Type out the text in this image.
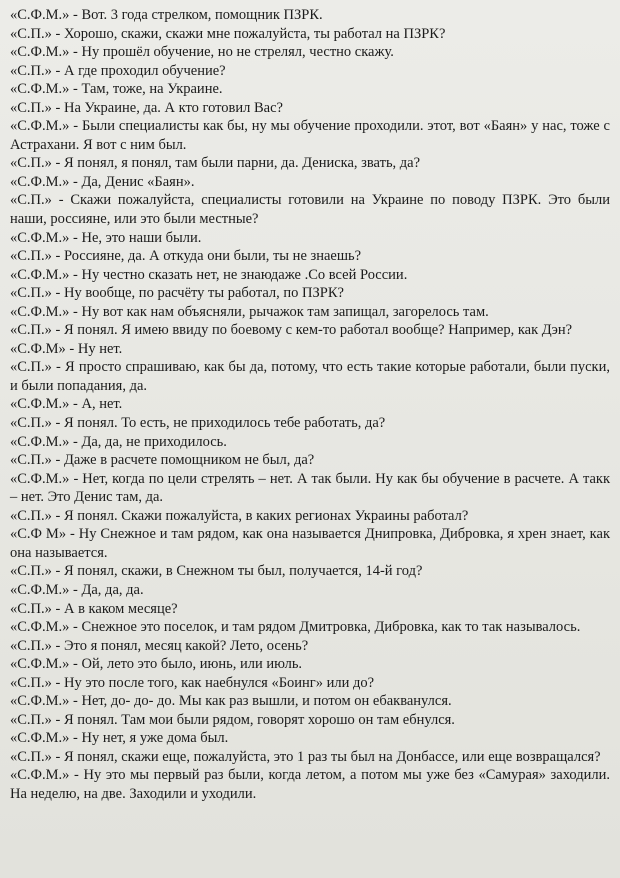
«С.Ф.М.» - Вот. 3 года стрелком, помощник ПЗРК.

«С.П.» - Хорошо, скажи, скажи мне пожалуйста, ты работал на ПЗРК?

«С.Ф.М.» - Ну прошёл обучение, но не стрелял, честно скажу.

«С.П.» - А где проходил обучение?

«С.Ф.М.» - Там, тоже, на Украине.

«С.П.» - На Украине, да. А кто готовил Вас?

«С.Ф.М.» - Были специалисты как бы, ну мы обучение проходили. этот, вот «Баян» у нас, тоже с Астрахани. Я вот с ним был.

«С.П.» - Я понял, я понял, там были парни, да. Дениска, звать, да?

«С.Ф.М.» - Да, Денис «Баян».

«С.П.» - Скажи пожалуйста, специалисты готовили на Украине по поводу ПЗРК. Это были наши, россияне, или это были местные?

«С.Ф.М.» - Не, это наши были.

«С.П.» - Россияне, да. А откуда они были, ты не знаешь?

«С.Ф.М.» - Ну честно сказать нет, не знаюдаже .Со всей России.

«С.П.» - Ну вообще, по расчёту ты работал, по ПЗРК?

«С.Ф.М.» - Ну вот как нам объясняли, рычажок там запищал, загорелось там.

«С.П.» - Я понял. Я имею ввиду по боевому с кем-то работал вообще? Например, как Дэн?

«С.Ф.М» - Ну нет.

«С.П.» - Я просто спрашиваю, как бы да, потому, что есть такие которые работали, были пуски, и были попадания, да.

«С.Ф.М.» - А, нет.

«С.П.» - Я понял. То есть, не приходилось тебе работать, да?

«С.Ф.М.» - Да, да, не приходилось.

«С.П.» - Даже в расчете помощником не был, да?

«С.Ф.М.» - Нет, когда по цели стрелять – нет. А так были. Ну как бы обучение в расчете. А такк – нет. Это Денис там, да.

«С.П.» - Я понял. Скажи пожалуйста, в каких регионах Украины работал?

«С.Ф М» - Ну Снежное и там рядом, как она называется Днипровка, Дибровка, я хрен знает, как она называется.

«С.П.» - Я понял, скажи, в Снежном ты был, получается, 14-й год?

«С.Ф.М.» - Да, да, да.

«С.П.» - А в каком месяце?

«С.Ф.М.» - Снежное это поселок, и там рядом Дмитровка, Дибровка, как то так называлось.

«С.П.» - Это я понял, месяц какой? Лето, осень?

«С.Ф.М.» - Ой, лето это было, июнь, или июль.

«С.П.» - Ну это после того, как наебнулся «Боинг» или до?

«С.Ф.М.» - Нет, до- до- до. Мы как раз вышли, и потом он ебакванулся.

«С.П.» - Я понял. Там мои были рядом, говорят хорошо он там ебнулся.

«С.Ф.М.» - Ну нет, я уже дома был.

«С.П.» - Я понял, скажи еще, пожалуйста, это 1 раз ты был на Донбассе, или еще возвращался?

«С.Ф.М.» - Ну это мы первый раз были, когда летом, а потом мы уже без «Самурая» заходили. На неделю, на две. Заходили и уходили.
